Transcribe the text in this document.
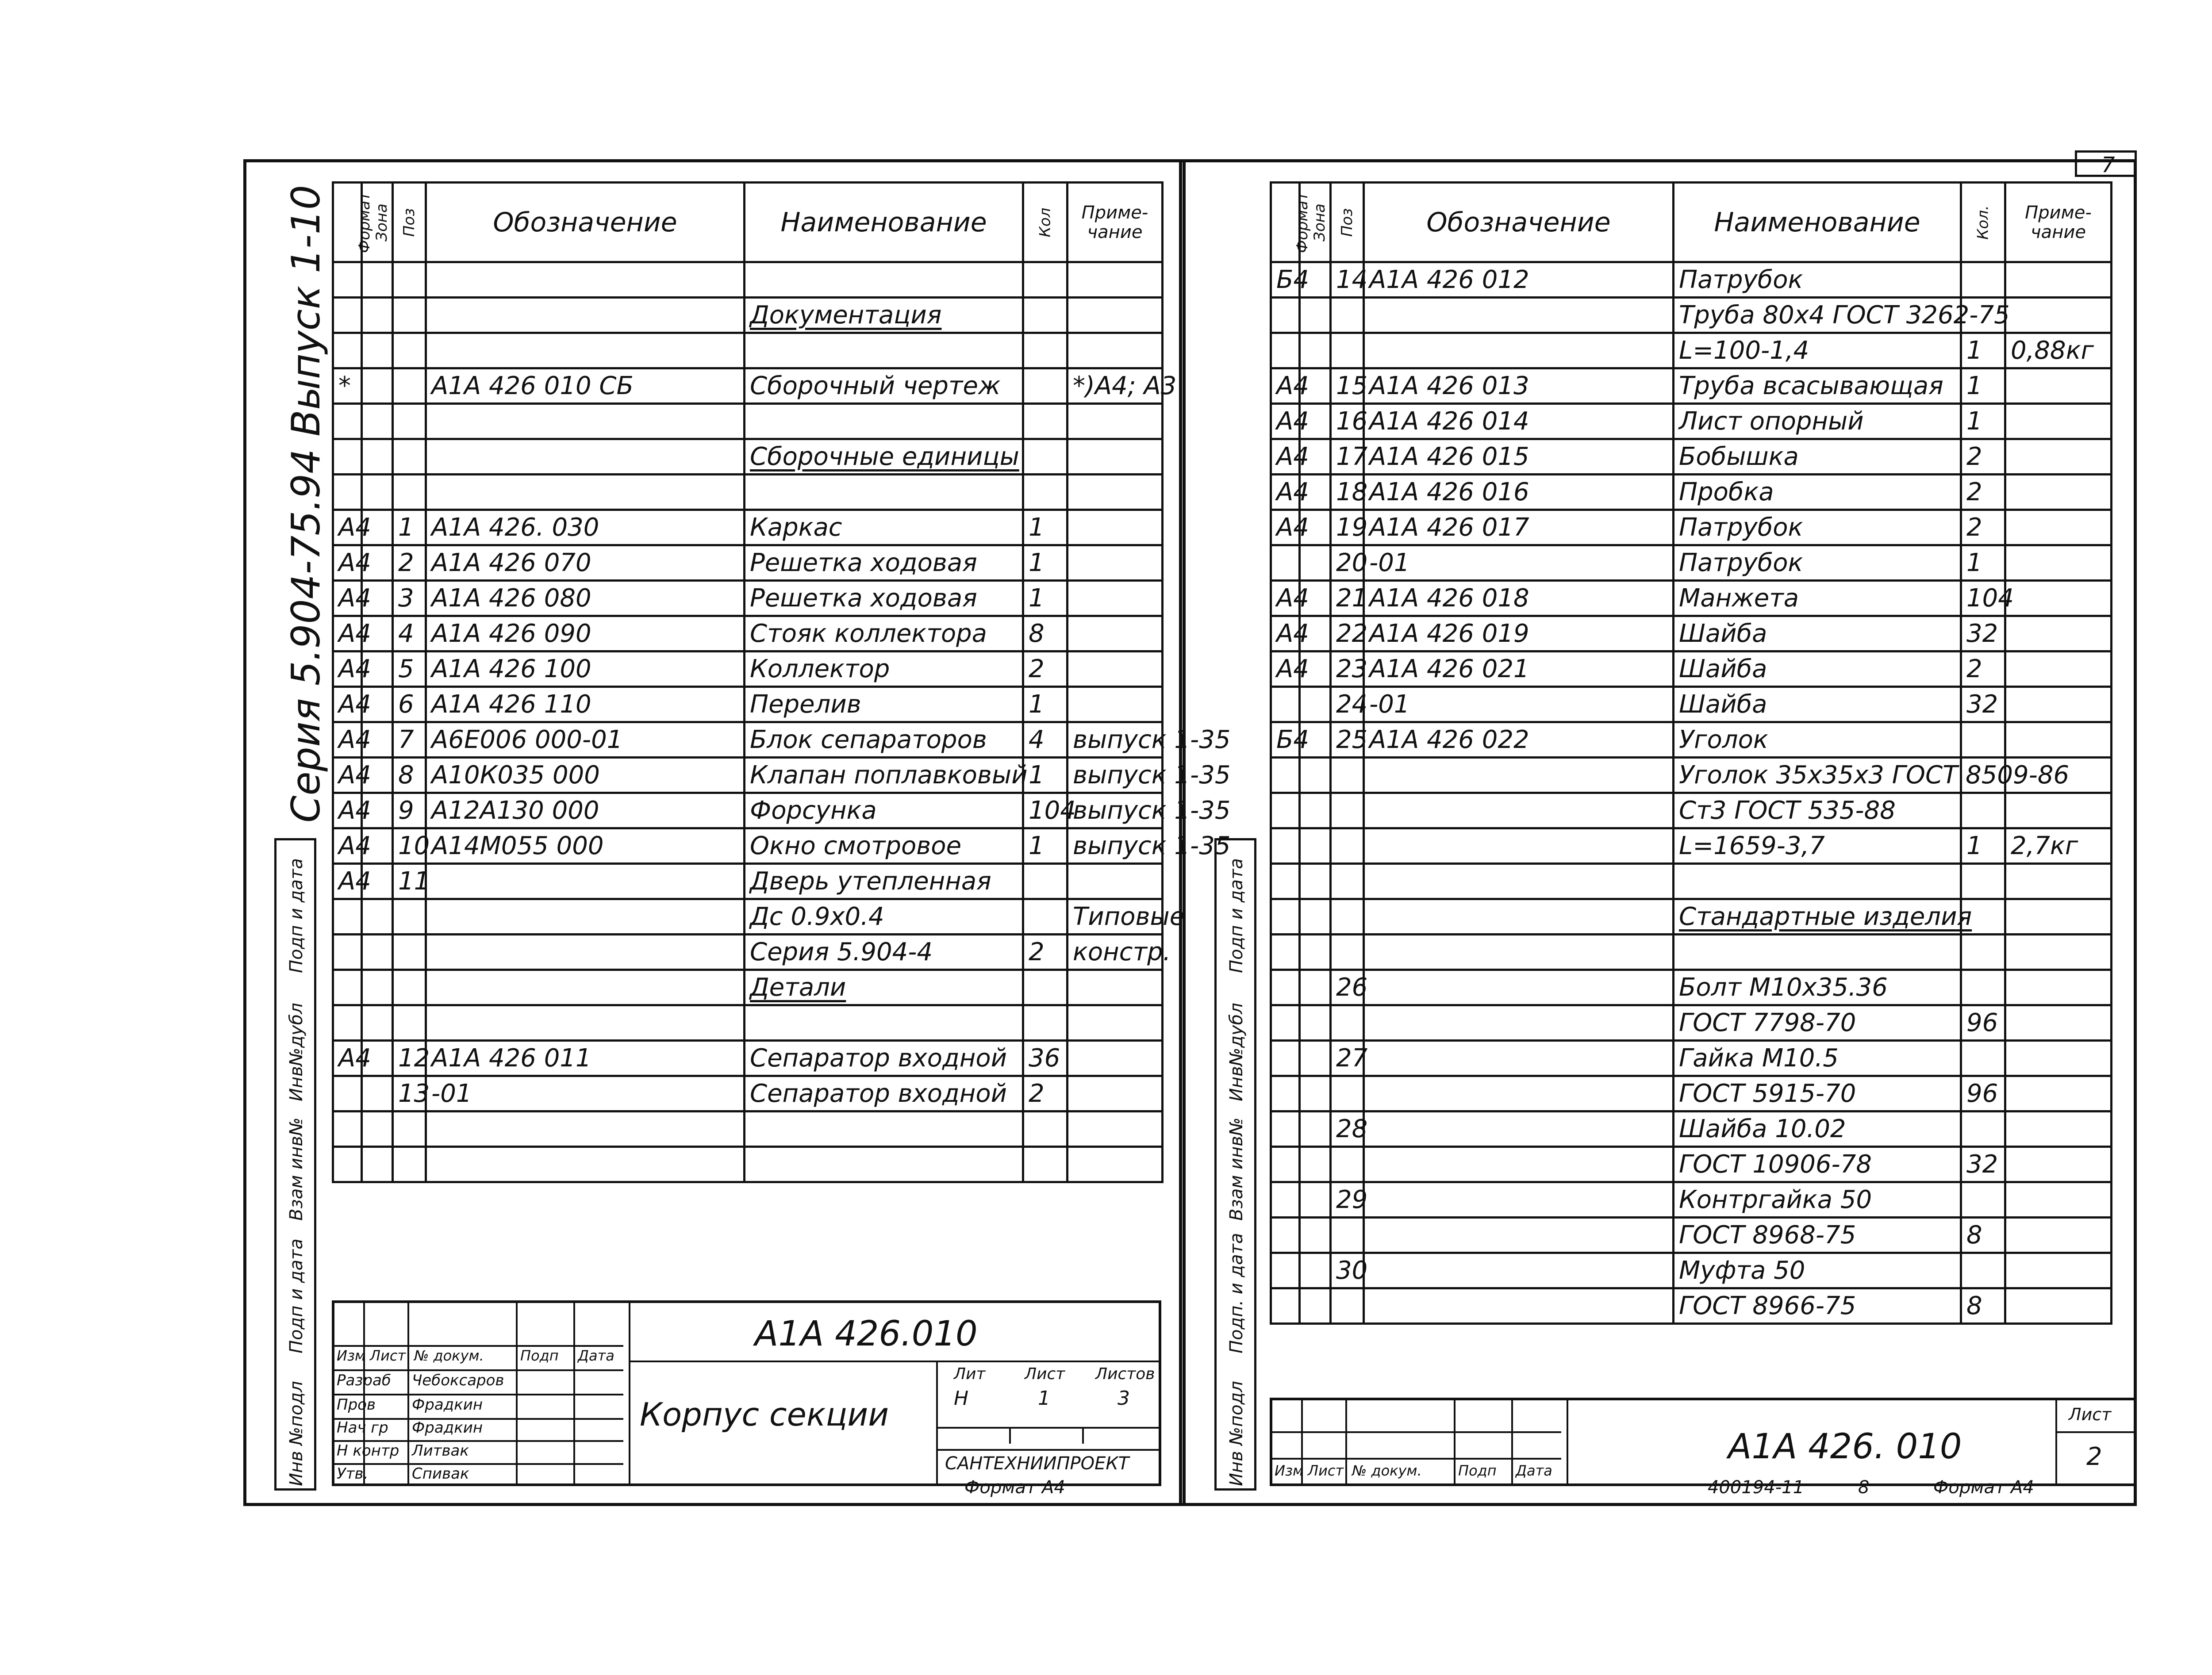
Серия 5.904-75.94 Выпуск 1-10
Подп и дата
Инв№дубл
Взам инв№
Подп и дата
Инв №подл
Формат	Зона	Поз	Обозначение	Наименование	Кол	Приме-чание

				Документация		

*			А1А 426 010 СБ	Сборочный чертеж		*)А4; А3

				Сборочные единицы		

А4		1	А1А 426. 030	Каркас	1	
А4		2	А1А 426 070	Решетка ходовая	1	
А4		3	А1А 426 080	Решетка ходовая	1	
А4		4	А1А 426 090	Стояк коллектора	8	
А4		5	А1А 426 100	Коллектор	2	
А4		6	А1А 426 110	Перелив	1	
А4		7	А6Е006 000-01	Блок сепараторов	4	выпуск 1-35
А4		8	А10К035 000	Клапан поплавковый	1	выпуск 1-35
А4		9	А12А130 000	Форсунка	104	выпуск 1-35
А4		10	А14М055 000	Окно смотровое	1	выпуск 1-35
А4		11		Дверь утепленная		
				Дс 0.9х0.4		Типовые
				Серия 5.904-4	2	констр.
				Детали		

А4		12	А1А 426 011	Сепаратор входной	36	
		13	-01	Сепаратор входной	2	

Изм Лист № докум.	Подп Дата
Разраб Чебоксаров
Пров Фрадкин
Нач гр Фрадкин
Н контр Литвак
Утв.	Спивак
А1А 426.010
Корпус секции
Лит Лист Листов
Н	1	3
САНТЕХНИИПРОЕКТ
Формат А4
7
Подп и дата
Инв№дубл
Взам инв№
Подп. и дата
Инв №подл
Формат	Зона	Поз	Обозначение	Наименование	Кол.	Приме-чание
Б4		14	А1А 426 012	Патрубок		
				Труба 80х4 ГОСТ 3262-75		
				L=100-1,4	1	0,88кг
А4		15	А1А 426 013	Труба всасывающая	1	
А4		16	А1А 426 014	Лист опорный	1	
А4		17	А1А 426 015	Бобышка	2	
А4		18	А1А 426 016	Пробка	2	
А4		19	А1А 426 017	Патрубок	2	
		20	-01	Патрубок	1	
А4		21	А1А 426 018	Манжета	104	
А4		22	А1А 426 019	Шайба	32	
А4		23	А1А 426 021	Шайба	2	
		24	-01	Шайба	32	
Б4		25	А1А 426 022	Уголок		
				Уголок 35х35х3 ГОСТ 8509-86		
				Ст3 ГОСТ 535-88		
				L=1659-3,7	1	2,7кг

				Стандартные изделия		

		26		Болт М10х35.36		
				ГОСТ 7798-70	96	
		27		Гайка М10.5		
				ГОСТ 5915-70	96	
		28		Шайба 10.02		
				ГОСТ 10906-78	32	
		29		Контргайка 50		
				ГОСТ 8968-75	8	
		30		Муфта 50		
				ГОСТ 8966-75	8	
Изм Лист № докум.	Подп Дата
А1А 426. 010
Лист
2
400194-11	8	Формат А4
